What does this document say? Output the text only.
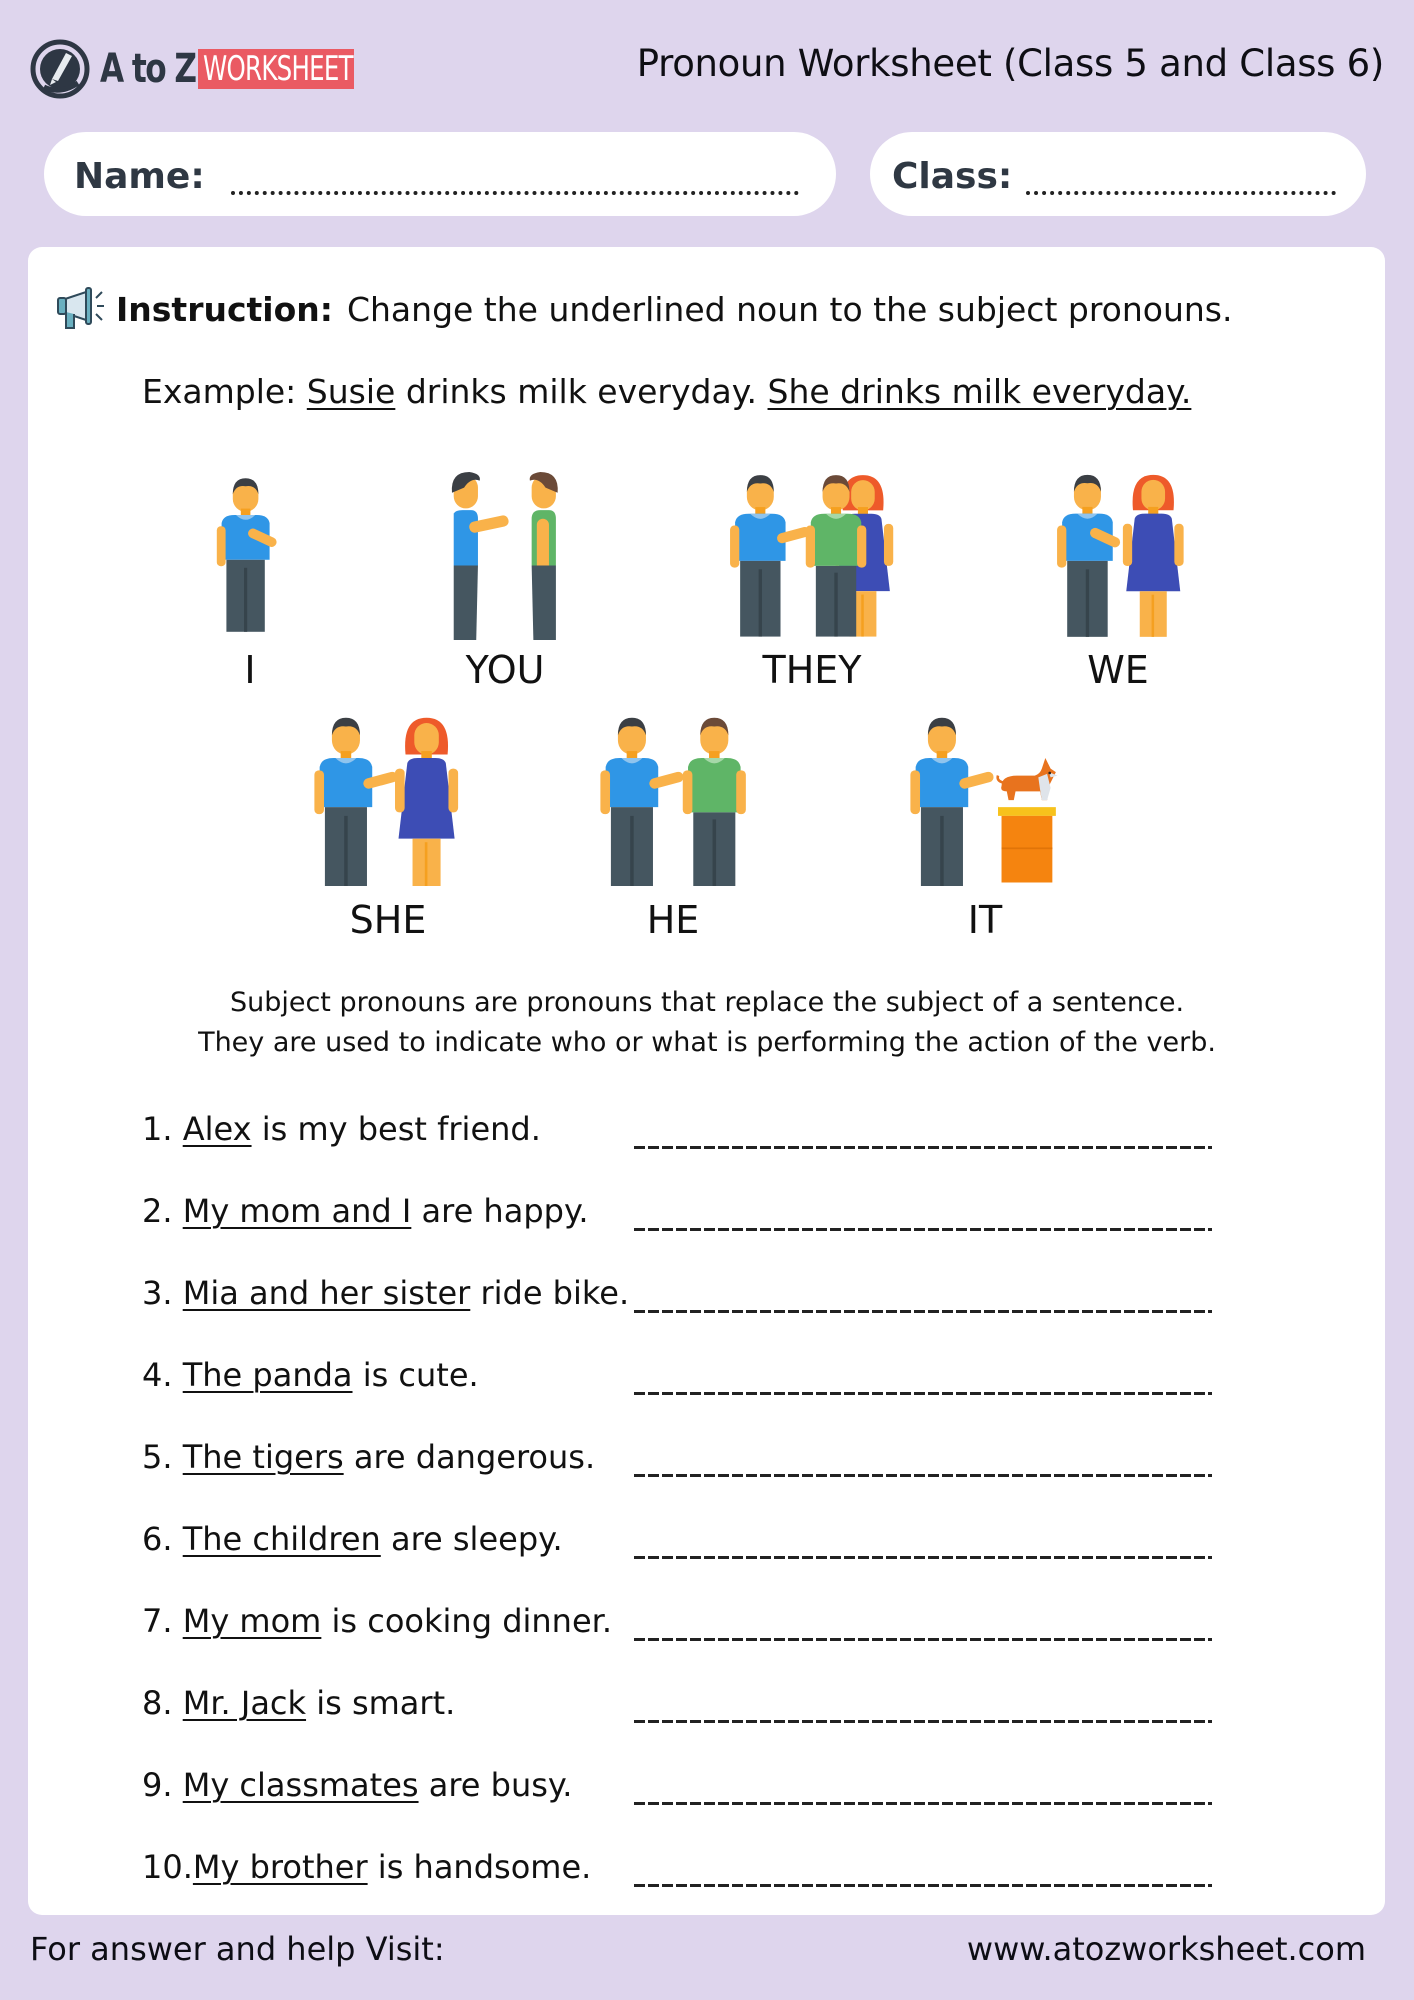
A to Z WORKSHEET	Pronoun Worksheet (Class 5 and Class 6)
Name:	Class:
Instruction: Change the underlined noun to the subject pronouns.
Example: Susie drinks milk everyday. She drinks milk everyday.
I	YOU	THEY	WE
SHE	HE	IT
Subject pronouns are pronouns that replace the subject of a sentence.
They are used to indicate who or what is performing the action of the verb.
1. Alex is my best friend.
2. My mom and I are happy.
3. Mia and her sister ride bike.
4. The panda is cute.
5. The tigers are dangerous.
6. The children are sleepy.
7. My mom is cooking dinner.
8. Mr. Jack is smart.
9. My classmates are busy.
10.My brother is handsome.
For answer and help Visit:	www.atozworksheet.com
